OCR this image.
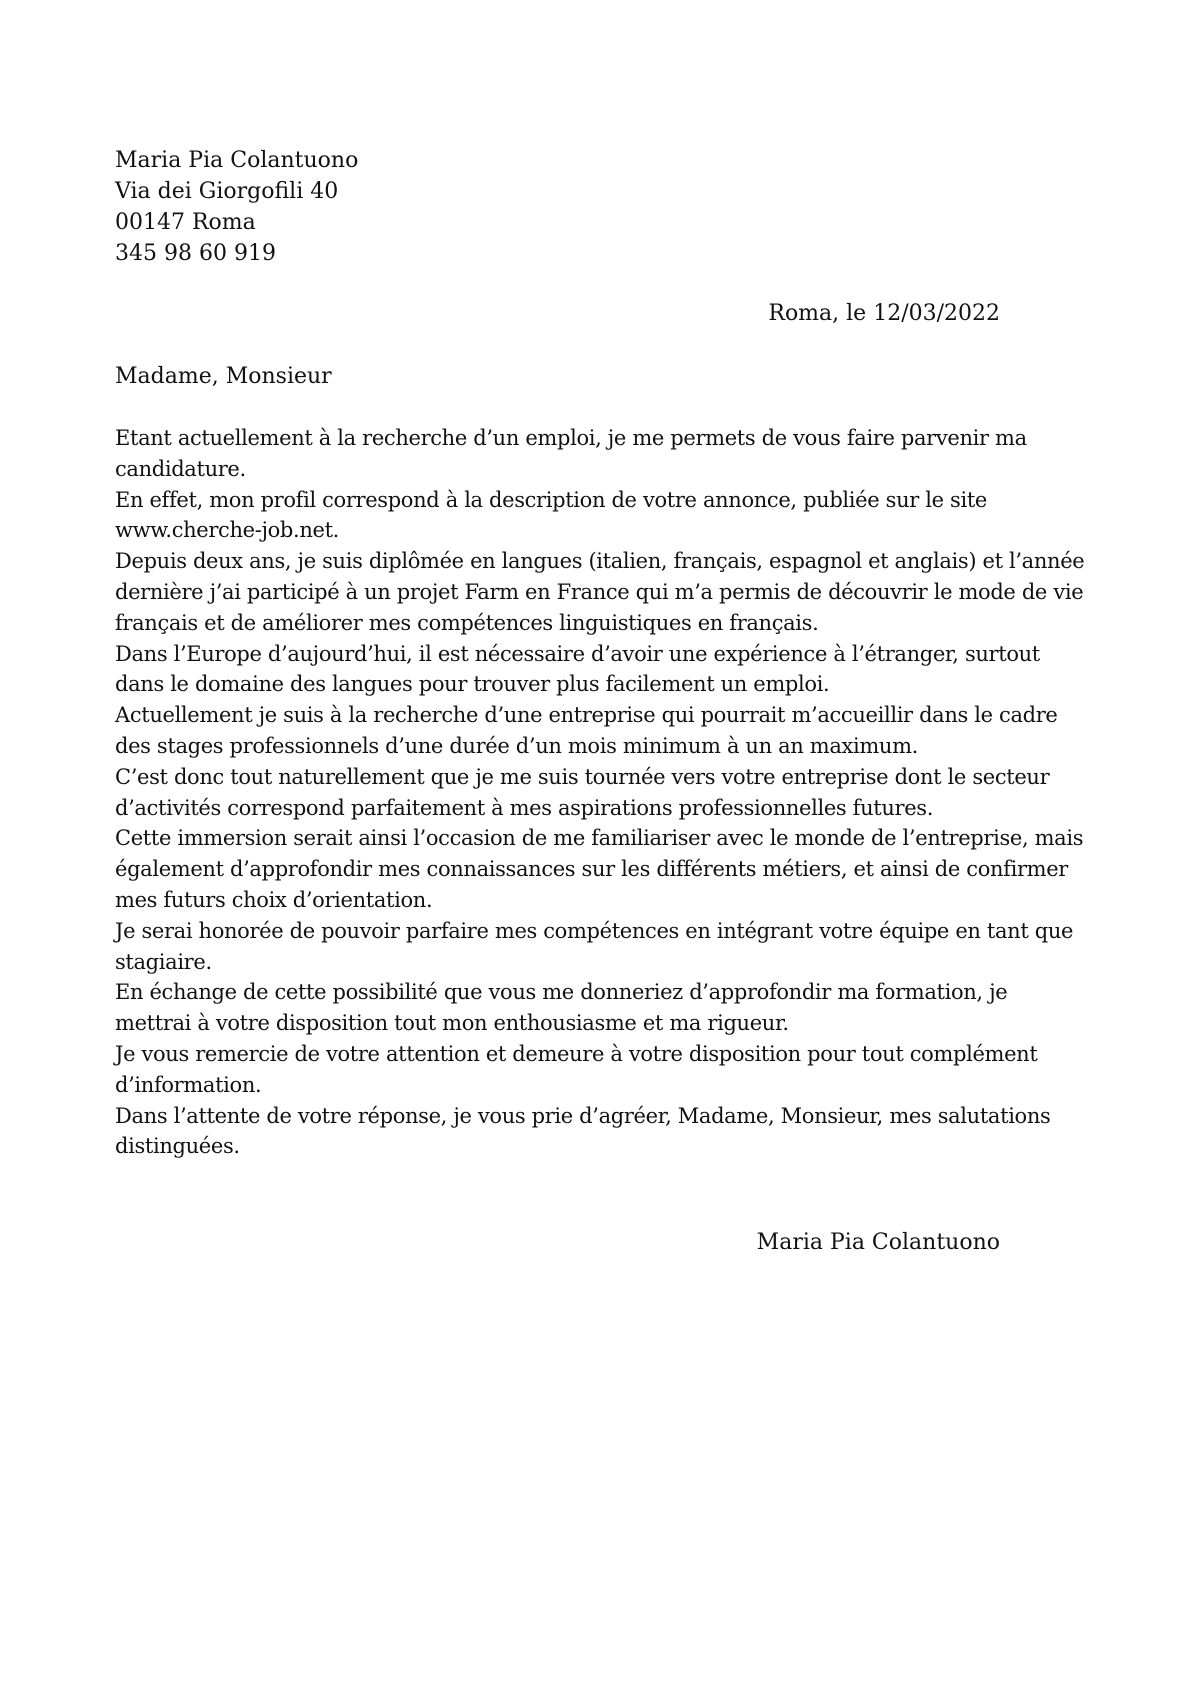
Maria Pia Colantuono
Via dei Giorgofili 40
00147 Roma
345 98 60 919
Roma, le 12/03/2022
Madame, Monsieur

Etant actuellement à la recherche d’un emploi, je me permets de vous faire parvenir ma candidature.

En effet, mon profil correspond à la description de votre annonce, publiée sur le site www.cherche-job.net.

Depuis deux ans, je suis diplômée en langues (italien, français, espagnol et anglais) et l’année dernière j’ai participé à un projet Farm en France qui m’a permis de découvrir le mode de vie français et de améliorer mes compétences linguistiques en français.

Dans l’Europe d’aujourd’hui, il est nécessaire d’avoir une expérience à l’étranger, surtout dans le domaine des langues pour trouver plus facilement un emploi.

Actuellement je suis à la recherche d’une entreprise qui pourrait m’accueillir dans le cadre des stages professionnels d’une durée d’un mois minimum à un an maximum.

C’est donc tout naturellement que je me suis tournée vers votre entreprise dont le secteur d’activités correspond parfaitement à mes aspirations professionnelles futures.

Cette immersion serait ainsi l’occasion de me familiariser avec le monde de l’entreprise, mais également d’approfondir mes connaissances sur les différents métiers, et ainsi de confirmer mes futurs choix d’orientation.

Je serai honorée de pouvoir parfaire mes compétences en intégrant votre équipe en tant que stagiaire.

En échange de cette possibilité que vous me donneriez d’approfondir ma formation, je mettrai à votre disposition tout mon enthousiasme et ma rigueur.

Je vous remercie de votre attention et demeure à votre disposition pour tout complément d’information.

Dans l’attente de votre réponse, je vous prie d’agréer, Madame, Monsieur, mes salutations distinguées.

Maria Pia Colantuono
